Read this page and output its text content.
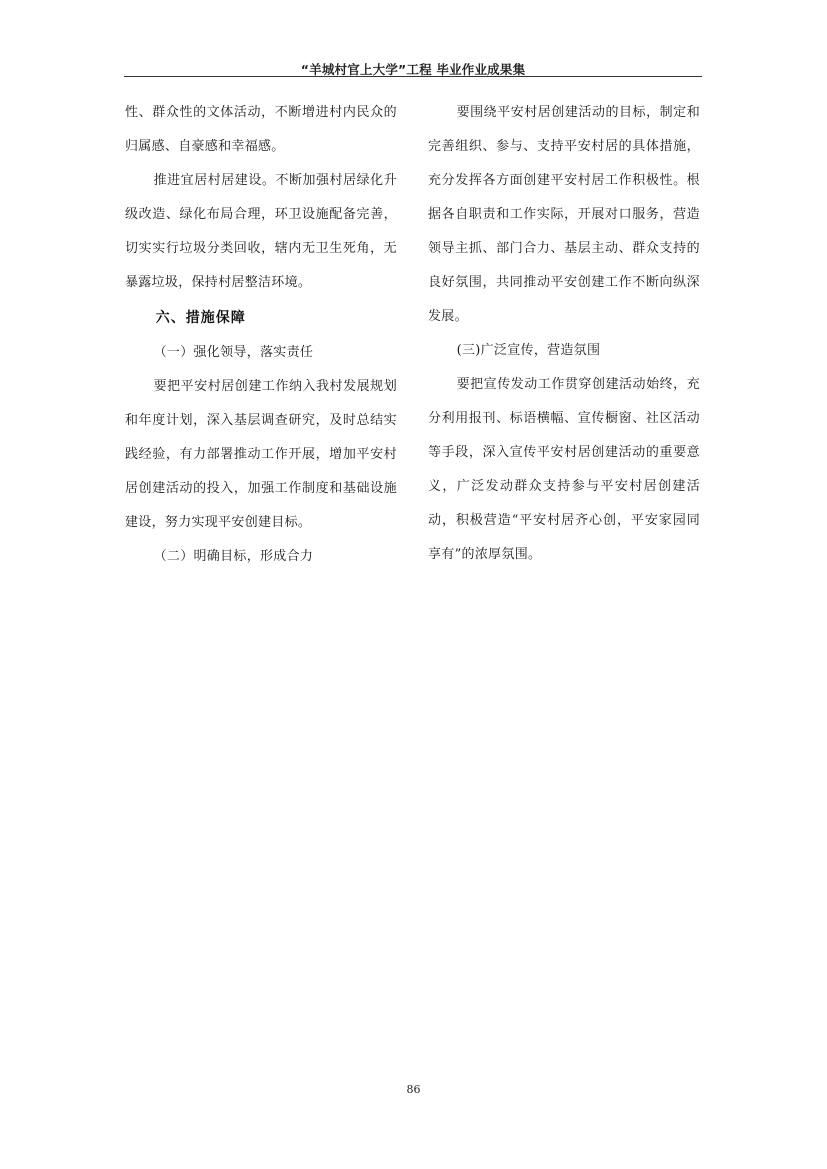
“羊城村官上大学”工程 毕业作业成果集

性、群众性的文体活动，不断增进村内民众的归属感、自豪感和幸福感。

推进宜居村居建设。不断加强村居绿化升级改造、绿化布局合理，环卫设施配备完善，切实实行垃圾分类回收，辖内无卫生死角，无暴露垃圾，保持村居整洁环境。

六、措施保障

（一）强化领导，落实责任

要把平安村居创建工作纳入我村发展规划和年度计划，深入基层调查研究，及时总结实践经验，有力部署推动工作开展，增加平安村居创建活动的投入，加强工作制度和基础设施建设，努力实现平安创建目标。

（二）明确目标，形成合力

要围绕平安村居创建活动的目标，制定和完善组织、参与、支持平安村居的具体措施，充分发挥各方面创建平安村居工作积极性。根据各自职责和工作实际，开展对口服务，营造领导主抓、部门合力、基层主动、群众支持的良好氛围，共同推动平安创建工作不断向纵深发展。

(三)广泛宣传，营造氛围

要把宣传发动工作贯穿创建活动始终，充分利用报刊、标语横幅、宣传橱窗、社区活动等手段，深入宣传平安村居创建活动的重要意义，广泛发动群众支持参与平安村居创建活动，积极营造“平安村居齐心创，平安家园同享有”的浓厚氛围。

86
